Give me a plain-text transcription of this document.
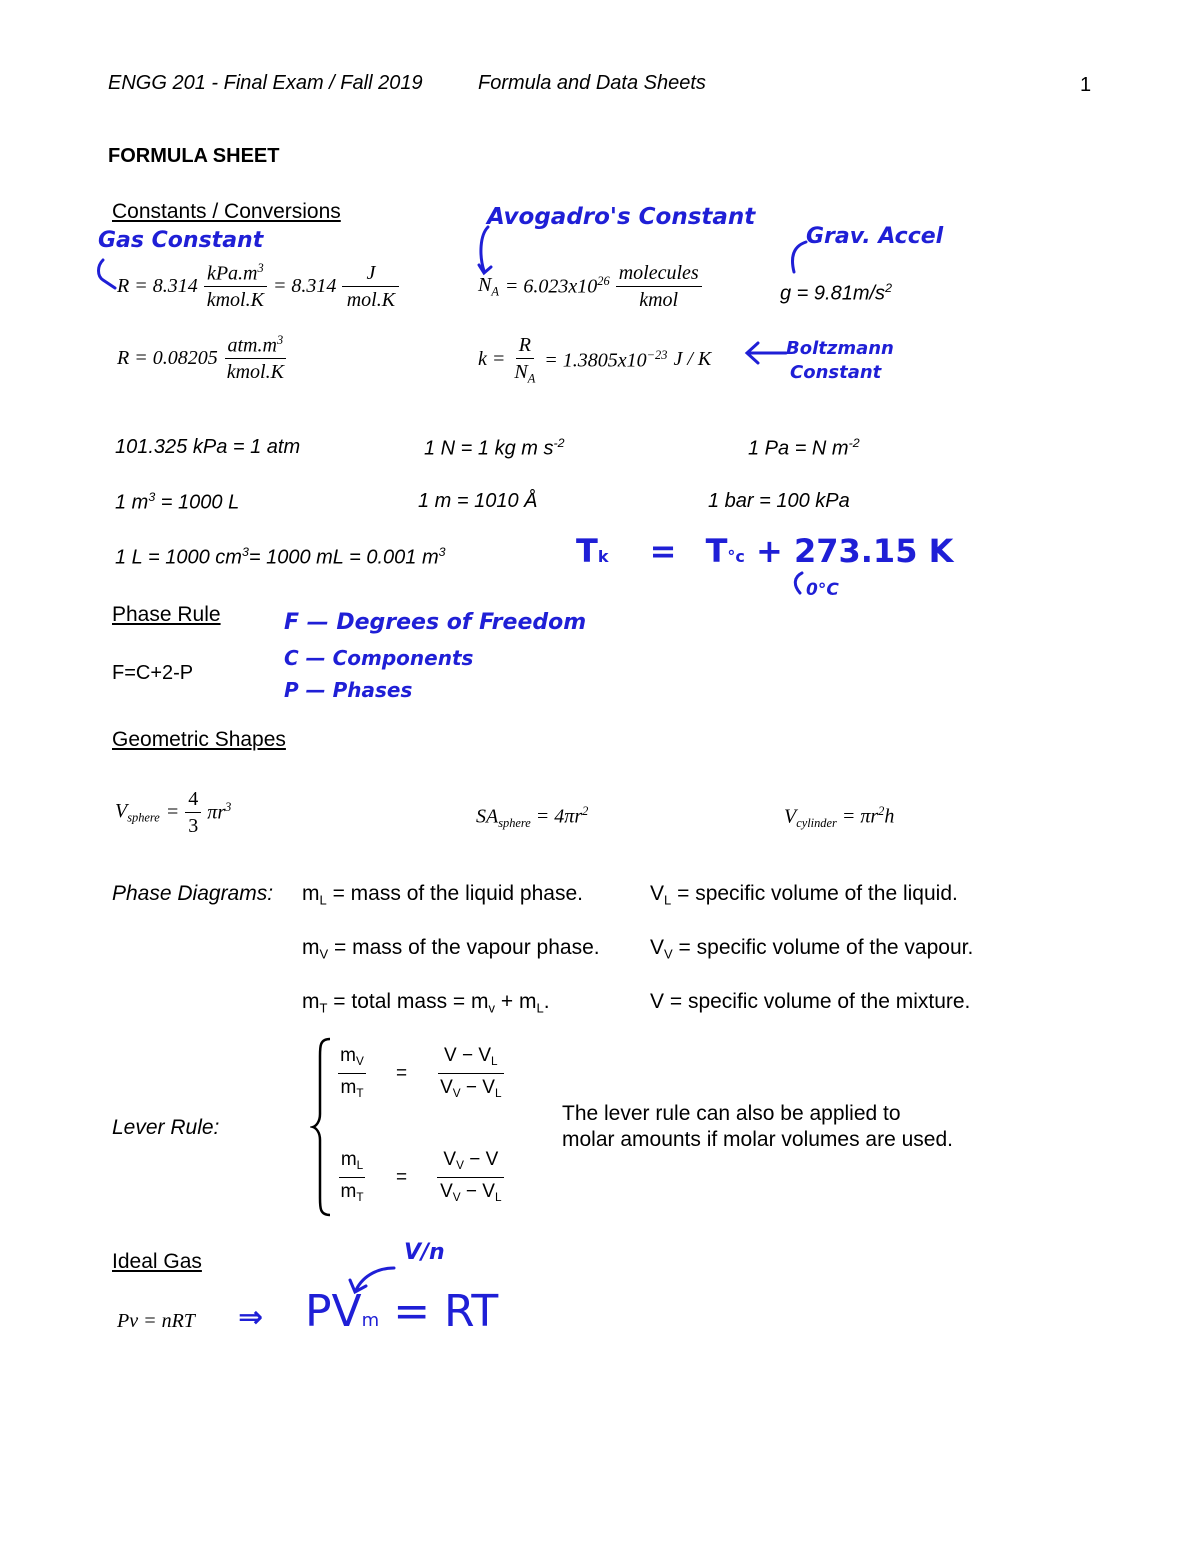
ENGG 201 - Final Exam / Fall 2019	Formula and Data Sheets	1
FORMULA SHEET
Constants / Conversions
$R = 8.314 \frac{kPa.m^3}{\text{kmol.K}} = 8.314 \frac{J}{\text{mol.K}}$
$R = 0.08205 \frac{atm.m^3}{\text{kmol.K}}$
$N_A = 6.023x10^{26} \frac{\text{molecules}}{\text{kmol}}$	$g = 9.81m/s^2$
$k = \frac{R}{N_A} = 1.3805x10^{-23}$ J / K
Gas Constant
Avogadro's Constant
Grav. Accel
Boltzmann
Constant
101.325 kPa = 1 atm	1 N = 1 kg m $s^{-2}$	1 Pa = N $m^{-2}$
1 $m^3 = 1000$ L	1 m = 1010 Å	1 bar = 100 kPa
1 L = 1000 $cm^3= 1000$ mL = 0.001 $m^3$	Tk = T°c + 273.15 K
0°C
Phase Rule
F=C+2-P
F — Degrees of Freedom
C — Components
P — Phases
Geometric Shapes
$V_{sphere} = \frac{4}{3} \pi r^3$	$SA_{sphere} = 4\pi r^2$	$V_{cylinder} = \pi r^2h$
Phase Diagrams: $m_L$ = mass of the liquid phase.	$V_L$ = specific volume of the liquid.
$m_V$ = mass of the vapour phase. $V_V$ = specific volume of the vapour.
$m_T$ = total mass = $m_v + m_L$.	V = specific volume of the mixture.
Lever Rule:
$\frac{m_V}{m_T} = \frac{V - V_L}{V_V - V_L}$
$\frac{m_L}{m_T} = \frac{V_V - V}{V_V - V_L}$
The lever rule can also be applied to
molar amounts if molar volumes are used.
Ideal Gas
Pv = nRT ⇒ PVm = RT
V/n
